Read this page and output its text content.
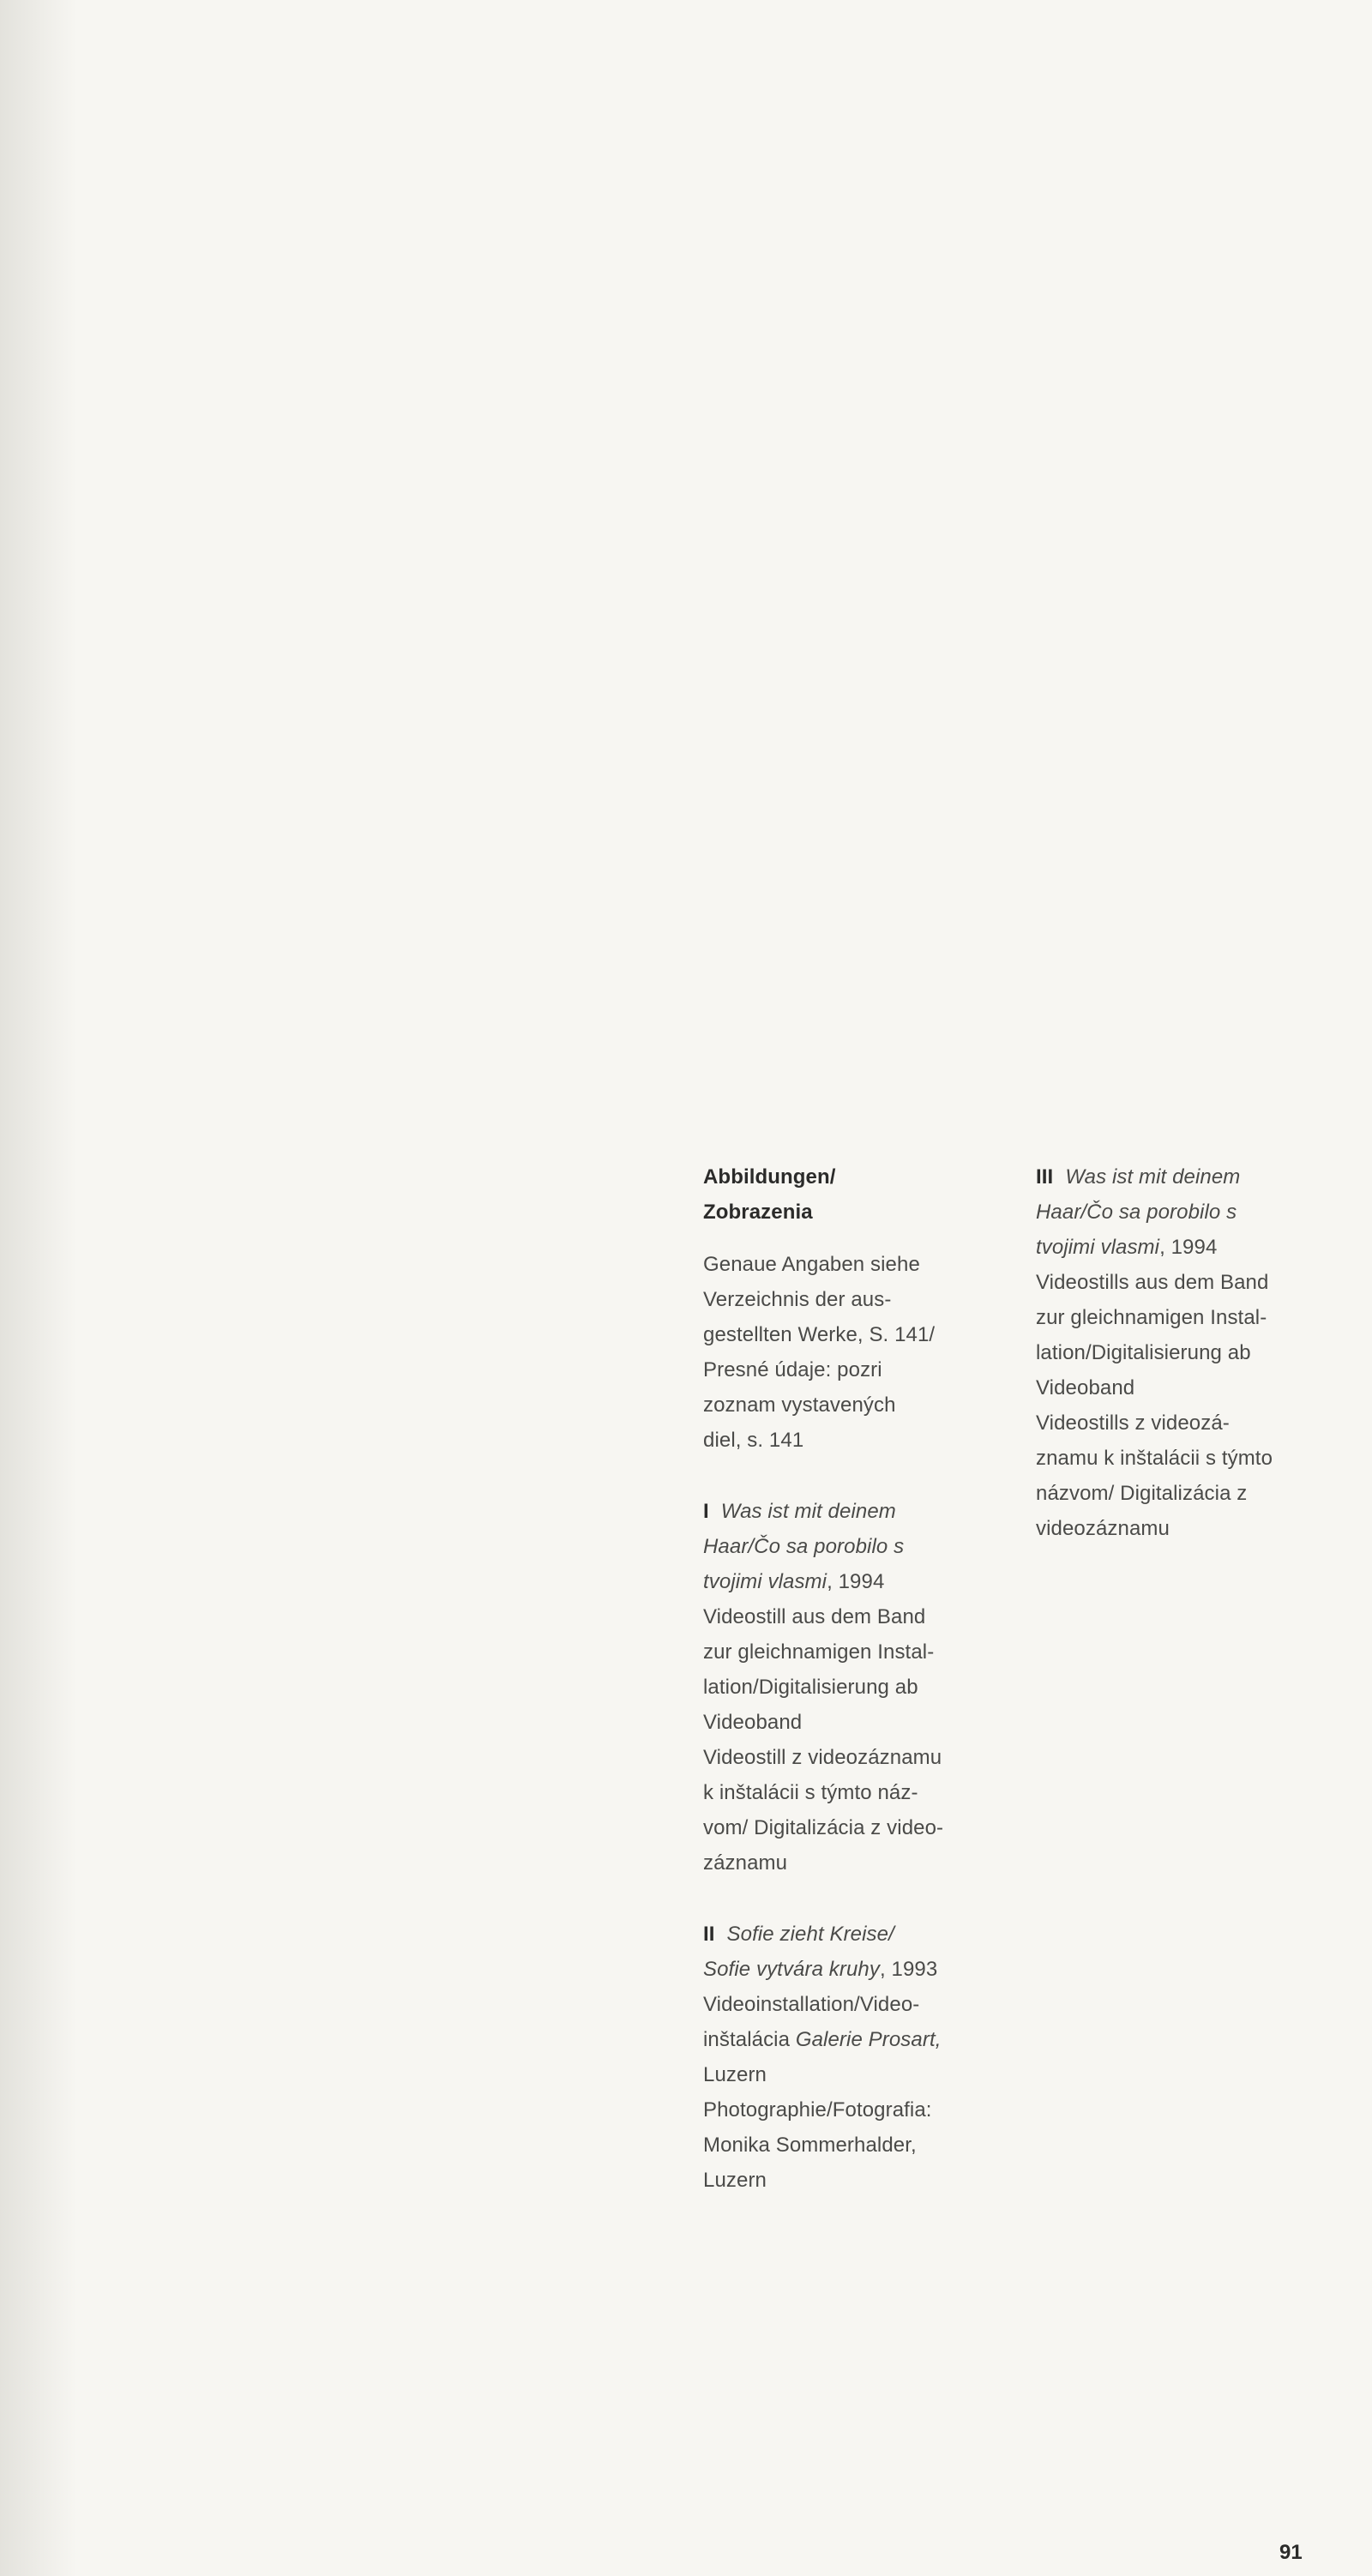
Abbildungen/
Zobrazenia
Genaue Angaben siehe
Verzeichnis der aus-
gestellten Werke, S. 141/
Presné údaje: pozri
zoznam vystavených
diel, s. 141
I Was ist mit deinem
Haar/Čo sa porobilo s
tvojimi vlasmi, 1994
Videostill aus dem Band
zur gleichnamigen Instal-
lation/Digitalisierung ab
Videoband
Videostill z videozáznamu
k inštalácii s týmto náz-
vom/ Digitalizácia z video-
záznamu
II Sofie zieht Kreise/
Sofie vytvára kruhy, 1993
Videoinstallation/Video-
inštalácia Galerie Prosart,
Luzern
Photographie/Fotografia:
Monika Sommerhalder,
Luzern
III Was ist mit deinem
Haar/Čo sa porobilo s
tvojimi vlasmi, 1994
Videostills aus dem Band
zur gleichnamigen Instal-
lation/Digitalisierung ab
Videoband
Videostills z videozá-
znamu k inštalácii s týmto
názvom/ Digitalizácia z
videozáznamu
91
